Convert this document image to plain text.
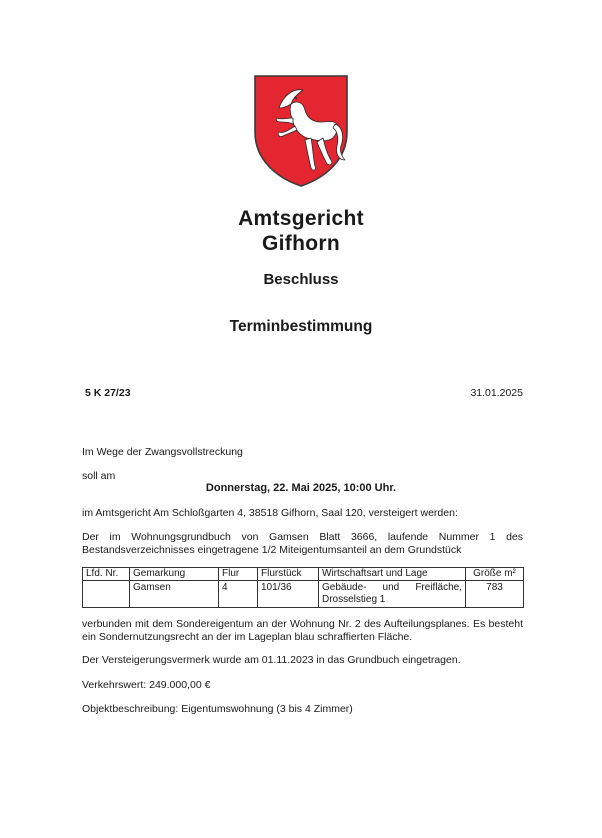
Amtsgericht
Gifhorn
Beschluss
Terminbestimmung
5 K 27/23	31.01.2025
Im Wege der Zwangsvollstreckung
soll am
Donnerstag, 22. Mai 2025, 10:00 Uhr.
im Amtsgericht Am Schloßgarten 4, 38518 Gifhorn, Saal 120, versteigert werden:
Der im Wohnungsgrundbuch von Gamsen Blatt 3666, laufende Nummer 1 des Bestandsverzeichnisses eingetragene 1/2 Miteigentumsanteil an dem Grundstück
Lfd. Nr.	Gemarkung	Flur	Flurstück	Wirtschaftsart und Lage	Größe m²
	Gamsen	4	101/36	Gebäude- und Freifläche, Drosselstieg 1	783
verbunden mit dem Sondereigentum an der Wohnung Nr. 2 des Aufteilungsplanes. Es besteht ein Sondernutzungsrecht an der im Lageplan blau schraffierten Fläche.
Der Versteigerungsvermerk wurde am 01.11.2023 in das Grundbuch eingetragen.
Verkehrswert: 249.000,00 €
Objektbeschreibung: Eigentumswohnung (3 bis 4 Zimmer)
